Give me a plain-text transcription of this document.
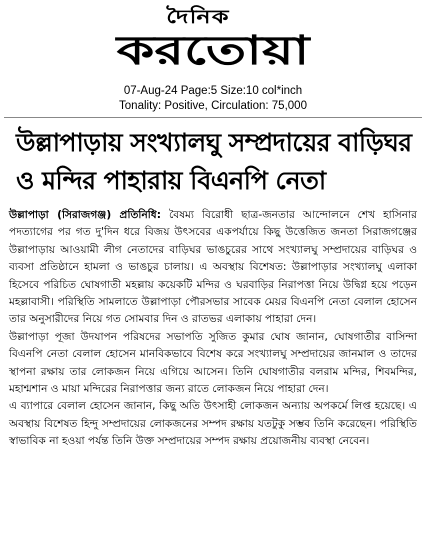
দৈনিক
করতোয়া
07-Aug-24 Page:5 Size:10 col*inch
Tonality: Positive, Circulation: 75,000
উল্লাপাড়ায় সংখ্যালঘু সম্প্রদায়ের বাড়িঘর
ও মন্দির পাহারায় বিএনপি নেতা

উল্লাপাড়া (সিরাজগঞ্জ) প্রতিনিধি: বৈষম্য বিরোধী ছাত্র-জনতার আন্দোলনে শেখ হাসিনার পদত্যাগের পর গত দু'দিন ধরে বিজয় উৎসবের একপর্যায়ে কিছু উত্তেজিত জনতা সিরাজগঞ্জের উল্লাপাড়ায় আওয়ামী লীগ নেতাদের বাড়িঘর ভাঙচুরের সাথে সংখ্যালঘু সম্প্রদায়ের বাড়িঘর ও ব্যবসা প্রতিষ্ঠানে হামলা ও ভাঙচুর চালায়। এ অবস্থায় বিশেষত: উল্লাপাড়ার সংখ্যালঘু এলাকা হিসেবে পরিচিত ঘোষগাতী মহল্লায় কয়েকটি মন্দির ও ঘরবাড়ির নিরাপত্তা নিয়ে উদ্বিগ্ন হয়ে পড়েন মহল্লাবাসী। পরিস্থিতি সামলাতে উল্লাপাড়া পৌরসভার সাবেক মেয়র বিএনপি নেতা বেলাল হোসেন তার অনুসারীদের নিয়ে গত সোমবার দিন ও রাতভর এলাকায় পাহারা দেন।

উল্লাপাড়া পূজা উদযাপন পরিষদের সভাপতি সুজিত কুমার ঘোষ জানান, ঘোষগাতীর বাসিন্দা বিএনপি নেতা বেলাল হোসেন মানবিকভাবে বিশেষ করে সংখ্যালঘু সম্প্রদায়ের জানমাল ও তাদের স্থাপনা রক্ষায় তার লোকজন নিয়ে এগিয়ে আসেন। তিনি ঘোষগাতীর বলরাম মন্দির, শিবমন্দির, মহাশ্মশান ও মায়া মন্দিরের নিরাপত্তার জন্য রাতে লোকজন নিয়ে পাহারা দেন।

এ ব্যাপারে বেলাল হোসেন জানান, কিছু অতি উৎসাহী লোকজন অন্যায় অপকর্মে লিপ্ত হয়েছে। এ অবস্থায় বিশেষত হিন্দু সম্প্রদায়ের লোকজনের সম্পদ রক্ষায় যতটুকু সম্ভব তিনি করেছেন। পরিস্থিতি স্বাভাবিক না হওয়া পর্যন্ত তিনি উক্ত সম্প্রদায়ের সম্পদ রক্ষায় প্রয়োজনীয় ব্যবস্থা নেবেন।
